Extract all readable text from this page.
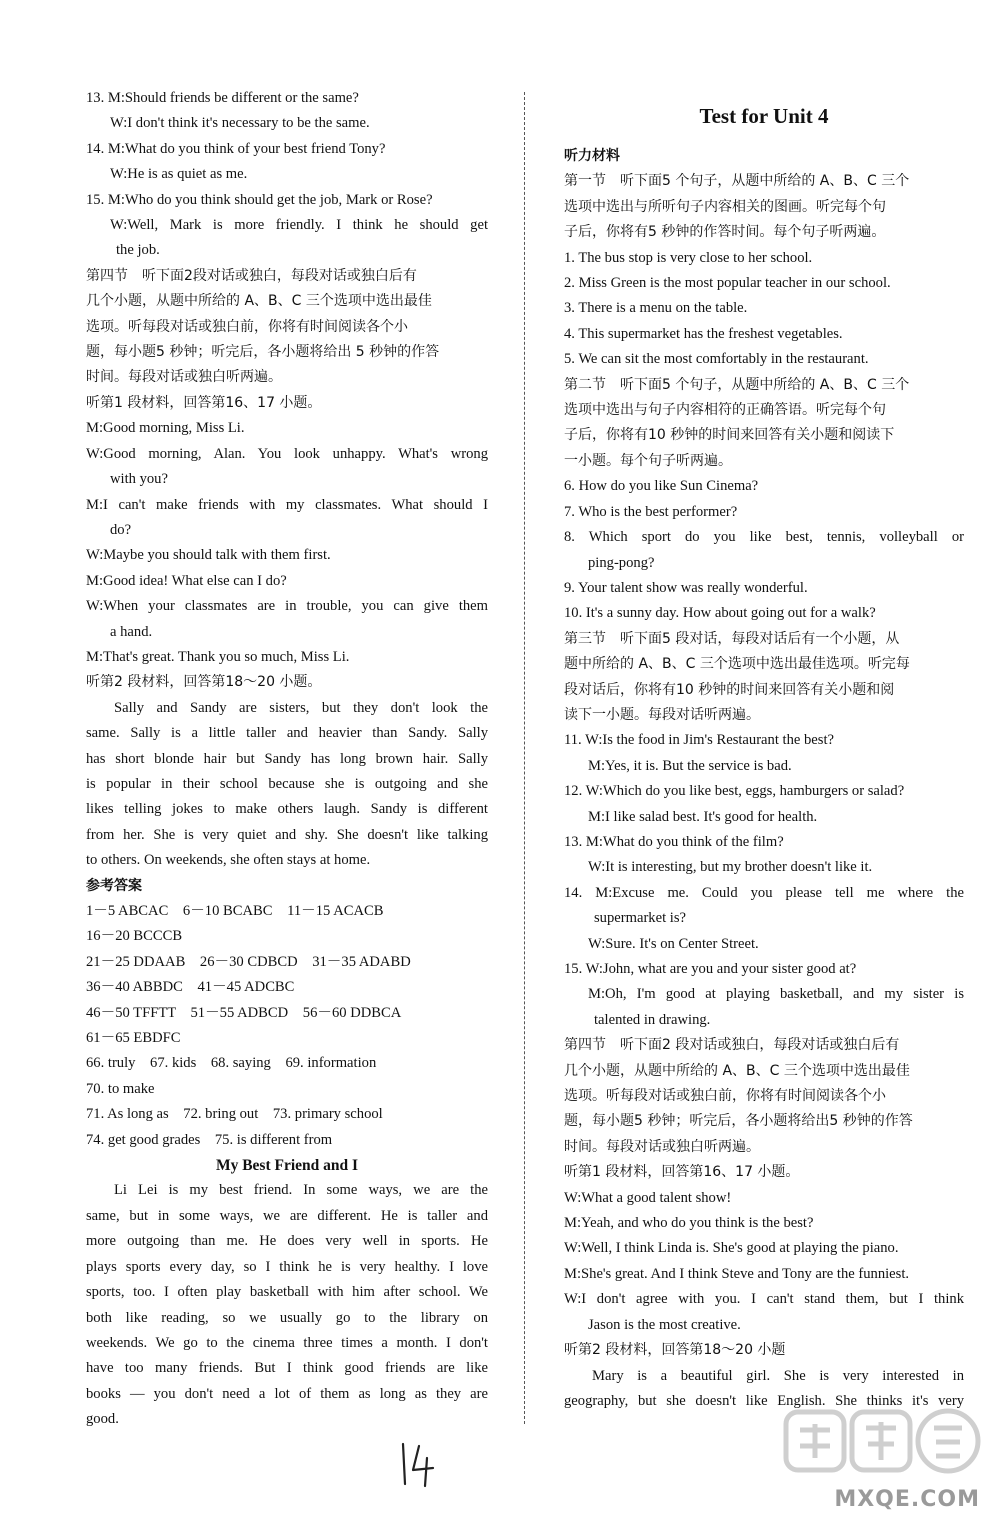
13. M:Should friends be different or the same?
W:I don't think it's necessary to be the same.
14. M:What do you think of your best friend Tony?
W:He is as quiet as me.
15. M:Who do you think should get the job, Mark or Rose?
W:Well, Mark is more friendly. I think he should get
the job.
第四节　听下面2段对话或独白，每段对话或独白后有
几个小题，从题中所给的 A、B、C 三个选项中选出最佳
选项。听每段对话或独白前，你将有时间阅读各个小
题，每小题5 秒钟；听完后，各小题将给出 5 秒钟的作答
时间。每段对话或独白听两遍。
听第1 段材料，回答第16、17 小题。
M:Good morning, Miss Li.
W:Good morning, Alan. You look unhappy. What's wrong
with you?
M:I can't make friends with my classmates. What should I
do?
W:Maybe you should talk with them first.
M:Good idea! What else can I do?
W:When your classmates are in trouble, you can give them
a hand.
M:That's great. Thank you so much, Miss Li.
听第2 段材料，回答第18～20 小题。
Sally and Sandy are sisters, but they don't look the
same. Sally is a little taller and heavier than Sandy. Sally
has short blonde hair but Sandy has long brown hair. Sally
is popular in their school because she is outgoing and she
likes telling jokes to make others laugh. Sandy is different
from her. She is very quiet and shy. She doesn't like talking
to others. On weekends, she often stays at home.
参考答案
1－5 ABCAC　6－10 BCABC　11－15 ACACB
16－20 BCCCB
21－25 DDAAB　26－30 CDBCD　31－35 ADABD
36－40 ABBDC　41－45 ADCBC
46－50 TFFTT　51－55 ADBCD　56－60 DDBCA
61－65 EBDFC
66. truly　67. kids　68. saying　69. information
70. to make
71. As long as　72. bring out　73. primary school
74. get good grades　75. is different from
My Best Friend and I
Li Lei is my best friend. In some ways, we are the
same, but in some ways, we are different. He is taller and
more outgoing than me. He does very well in sports. He
plays sports every day, so I think he is very healthy. I love
sports, too. I often play basketball with him after school. We
both like reading, so we usually go to the library on
weekends. We go to the cinema three times a month. I don't
have too many friends. But I think good friends are like
books — you don't need a lot of them as long as they are
good.
Test for Unit 4
听力材料
第一节　听下面5 个句子，从题中所给的 A、B、C 三个
选项中选出与所听句子内容相关的图画。听完每个句
子后，你将有5 秒钟的作答时间。每个句子听两遍。
1. The bus stop is very close to her school.
2. Miss Green is the most popular teacher in our school.
3. There is a menu on the table.
4. This supermarket has the freshest vegetables.
5. We can sit the most comfortably in the restaurant.
第二节　听下面5 个句子，从题中所给的 A、B、C 三个
选项中选出与句子内容相符的正确答语。听完每个句
子后，你将有10 秒钟的时间来回答有关小题和阅读下
一小题。每个句子听两遍。
6. How do you like Sun Cinema?
7. Who is the best performer?
8. Which sport do you like best, tennis, volleyball or
ping-pong?
9. Your talent show was really wonderful.
10. It's a sunny day. How about going out for a walk?
第三节　听下面5 段对话，每段对话后有一个小题，从
题中所给的 A、B、C 三个选项中选出最佳选项。听完每
段对话后，你将有10 秒钟的时间来回答有关小题和阅
读下一小题。每段对话听两遍。
11. W:Is the food in Jim's Restaurant the best?
M:Yes, it is. But the service is bad.
12. W:Which do you like best, eggs, hamburgers or salad?
M:I like salad best. It's good for health.
13. M:What do you think of the film?
W:It is interesting, but my brother doesn't like it.
14. M:Excuse me. Could you please tell me where the
supermarket is?
W:Sure. It's on Center Street.
15. W:John, what are you and your sister good at?
M:Oh, I'm good at playing basketball, and my sister is
talented in drawing.
第四节　听下面2 段对话或独白，每段对话或独白后有
几个小题，从题中所给的 A、B、C 三个选项中选出最佳
选项。听每段对话或独白前，你将有时间阅读各个小
题，每小题5 秒钟；听完后，各小题将给出5 秒钟的作答
时间。每段对话或独白听两遍。
听第1 段材料，回答第16、17 小题。
W:What a good talent show!
M:Yeah, and who do you think is the best?
W:Well, I think Linda is. She's good at playing the piano.
M:She's great. And I think Steve and Tony are the funniest.
W:I don't agree with you. I can't stand them, but I think
Jason is the most creative.
听第2 段材料，回答第18～20 小题
Mary is a beautiful girl. She is very interested in
geography, but she doesn't like English. She thinks it's very
MXQE.COM
